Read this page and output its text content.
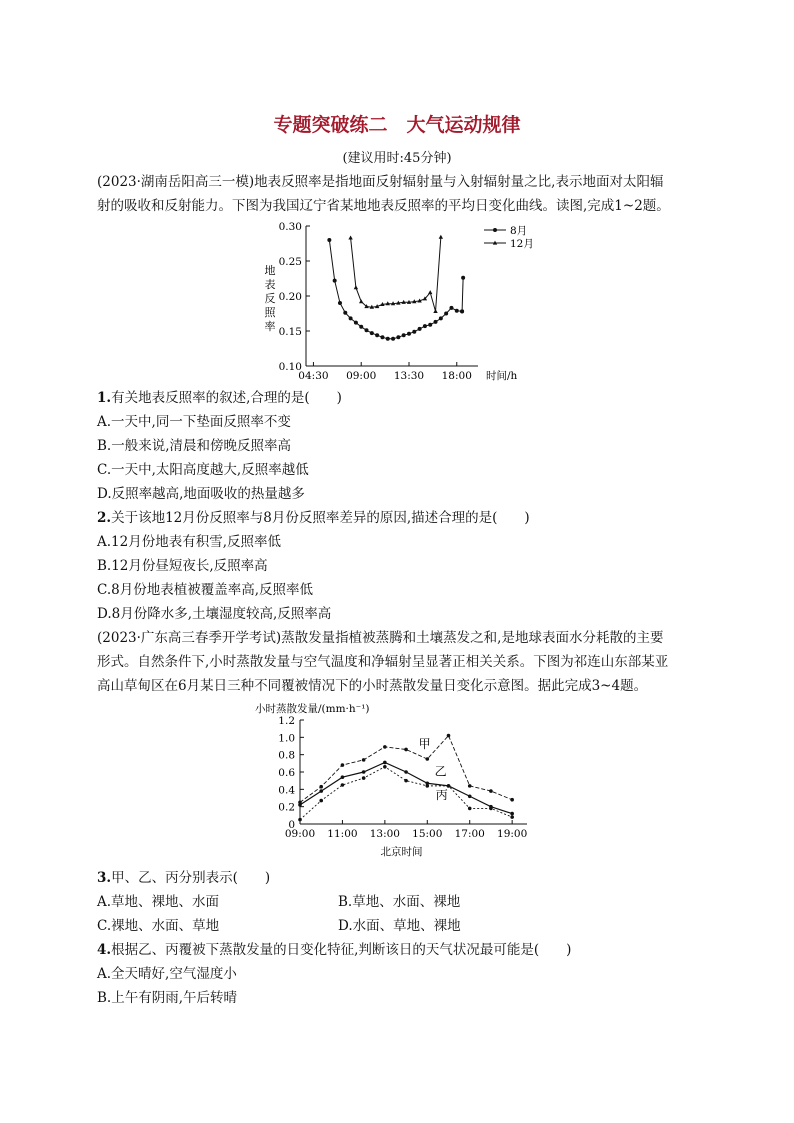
专题突破练二　大气运动规律
(建议用时:45分钟)
(2023·湖南岳阳高三一模)地表反照率是指地面反射辐射量与入射辐射量之比,表示地面对太阳辐
射的吸收和反射能力。下图为我国辽宁省某地地表反照率的平均日变化曲线。读图,完成1~2题。
0.30
0.25
0.20
0.15
0.10
04:30 09:00 13:30 18:00 时间/h
地
表
反
照
率
8月
12月
1.有关地表反照率的叙述,合理的是(　　)
A.一天中,同一下垫面反照率不变
B.一般来说,清晨和傍晚反照率高
C.一天中,太阳高度越大,反照率越低
D.反照率越高,地面吸收的热量越多
2.关于该地12月份反照率与8月份反照率差异的原因,描述合理的是(　　)
A.12月份地表有积雪,反照率低
B.12月份昼短夜长,反照率高
C.8月份地表植被覆盖率高,反照率低
D.8月份降水多,土壤湿度较高,反照率高
(2023·广东高三春季开学考试)蒸散发量指植被蒸腾和土壤蒸发之和,是地球表面水分耗散的主要
形式。自然条件下,小时蒸散发量与空气温度和净辐射呈显著正相关关系。下图为祁连山东部某亚
高山草甸区在6月某日三种不同覆被情况下的小时蒸散发量日变化示意图。据此完成3~4题。
小时蒸散发量/(mm·h⁻¹)
1.2
1.0
0.8
0.6
0.4
0.2
0
09:00 11:00 13:00 15:00 17:00 19:00
北京时间
甲
乙
丙
3.甲、乙、丙分别表示(　　)
A.草地、裸地、水面	B.草地、水面、裸地
C.裸地、水面、草地	D.水面、草地、裸地
4.根据乙、丙覆被下蒸散发量的日变化特征,判断该日的天气状况最可能是(　　)
A.全天晴好,空气湿度小
B.上午有阴雨,午后转晴
